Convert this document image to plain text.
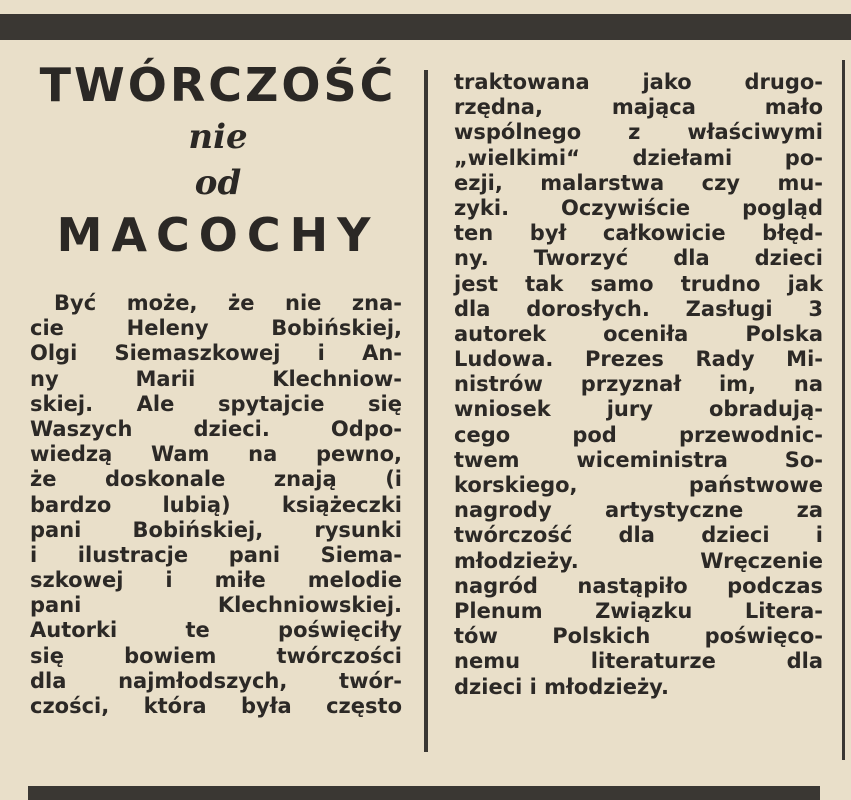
TWÓRCZOŚĆ
nie
od
MACOCHY
Być może, że nie zna-
cie Heleny Bobińskiej,
Olgi Siemaszkowej i An-
ny Marii Klechniow-
skiej. Ale spytajcie się
Waszych dzieci. Odpo-
wiedzą Wam na pewno,
że doskonale znają (i
bardzo lubią) książeczki
pani Bobińskiej, rysunki
i ilustracje pani Siema-
szkowej i miłe melodie
pani Klechniowskiej.
Autorki te poświęciły
się bowiem twórczości
dla najmłodszych, twór-
czości, która była często
traktowana jako drugo-
rzędna, mająca mało
wspólnego z właściwymi
„wielkimi“ dziełami po-
ezji, malarstwa czy mu-
zyki. Oczywiście pogląd
ten był całkowicie błęd-
ny. Tworzyć dla dzieci
jest tak samo trudno jak
dla dorosłych. Zasługi 3
autorek oceniła Polska
Ludowa. Prezes Rady Mi-
nistrów przyznał im, na
wniosek jury obradują-
cego pod przewodnic-
twem wiceministra So-
korskiego, państwowe
nagrody artystyczne za
twórczość dla dzieci i
młodzieży. Wręczenie
nagród nastąpiło podczas
Plenum Związku Litera-
tów Polskich poświęco-
nemu literaturze dla
dzieci i młodzieży.
